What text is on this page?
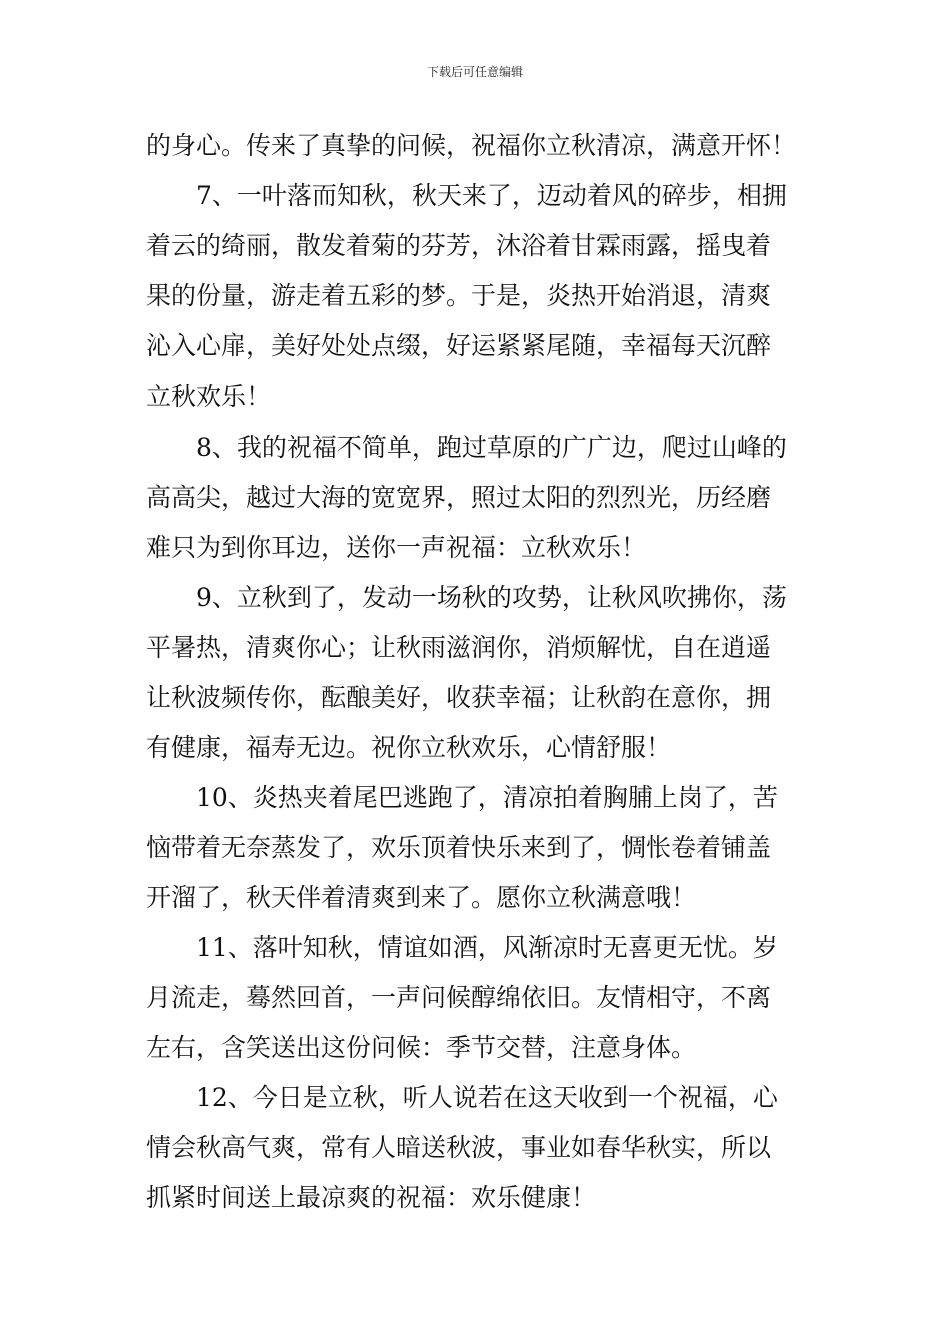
下载后可任意编辑
的身心。传来了真挚的问候，祝福你立秋清凉，满意开怀！
7、一叶落而知秋，秋天来了，迈动着风的碎步，相拥
着云的绮丽，散发着菊的芬芳，沐浴着甘霖雨露，摇曳着
果的份量，游走着五彩的梦。于是，炎热开始消退，清爽
沁入心扉，美好处处点缀，好运紧紧尾随，幸福每天沉醉
立秋欢乐！
8、我的祝福不简单，跑过草原的广广边，爬过山峰的
高高尖，越过大海的宽宽界，照过太阳的烈烈光，历经磨
难只为到你耳边，送你一声祝福：立秋欢乐！
9、立秋到了，发动一场秋的攻势，让秋风吹拂你，荡
平暑热，清爽你心；让秋雨滋润你，消烦解忧，自在逍遥
让秋波频传你，酝酿美好，收获幸福；让秋韵在意你，拥
有健康，福寿无边。祝你立秋欢乐，心情舒服！
10、炎热夹着尾巴逃跑了，清凉拍着胸脯上岗了，苦
恼带着无奈蒸发了，欢乐顶着快乐来到了，惆怅卷着铺盖
开溜了，秋天伴着清爽到来了。愿你立秋满意哦！
11、落叶知秋，情谊如酒，风渐凉时无喜更无忧。岁
月流走，蓦然回首，一声问候醇绵依旧。友情相守，不离
左右，含笑送出这份问候：季节交替，注意身体。
12、今日是立秋，听人说若在这天收到一个祝福，心
情会秋高气爽，常有人暗送秋波，事业如春华秋实，所以
抓紧时间送上最凉爽的祝福：欢乐健康！
